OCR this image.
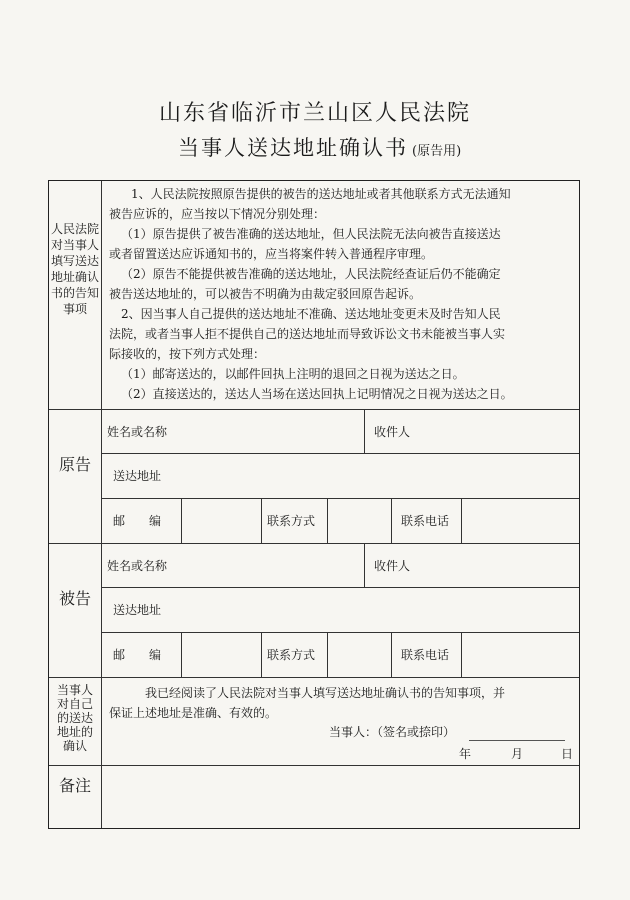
山东省临沂市兰山区人民法院
当事人送达地址确认书 (原告用)
人民法院对当事人填写送达地址确认书的告知事项
1、人民法院按照原告提供的被告的送达地址或者其他联系方式无法通知
被告应诉的，应当按以下情况分别处理：
（1）原告提供了被告准确的送达地址，但人民法院无法向被告直接送达
或者留置送达应诉通知书的，应当将案件转入普通程序审理。
（2）原告不能提供被告准确的送达地址，人民法院经查证后仍不能确定
被告送达地址的，可以被告不明确为由裁定驳回原告起诉。
2、因当事人自己提供的送达地址不准确、送达地址变更未及时告知人民
法院，或者当事人拒不提供自己的送达地址而导致诉讼文书未能被当事人实
际接收的，按下列方式处理：
（1）邮寄送达的，以邮件回执上注明的退回之日视为送达之日。
（2）直接送达的，送达人当场在送达回执上记明情况之日视为送达之日。
原告
姓名或名称	收件人
送达地址
邮　　编	联系方式	联系电话
被告
姓名或名称	收件人
送达地址
邮　　编	联系方式	联系电话
当事人对自己的送达地址的确认
我已经阅读了人民法院对当事人填写送达地址确认书的告知事项，并
保证上述地址是准确、有效的。
当事人：（签名或捺印）
年	月	日
备注
